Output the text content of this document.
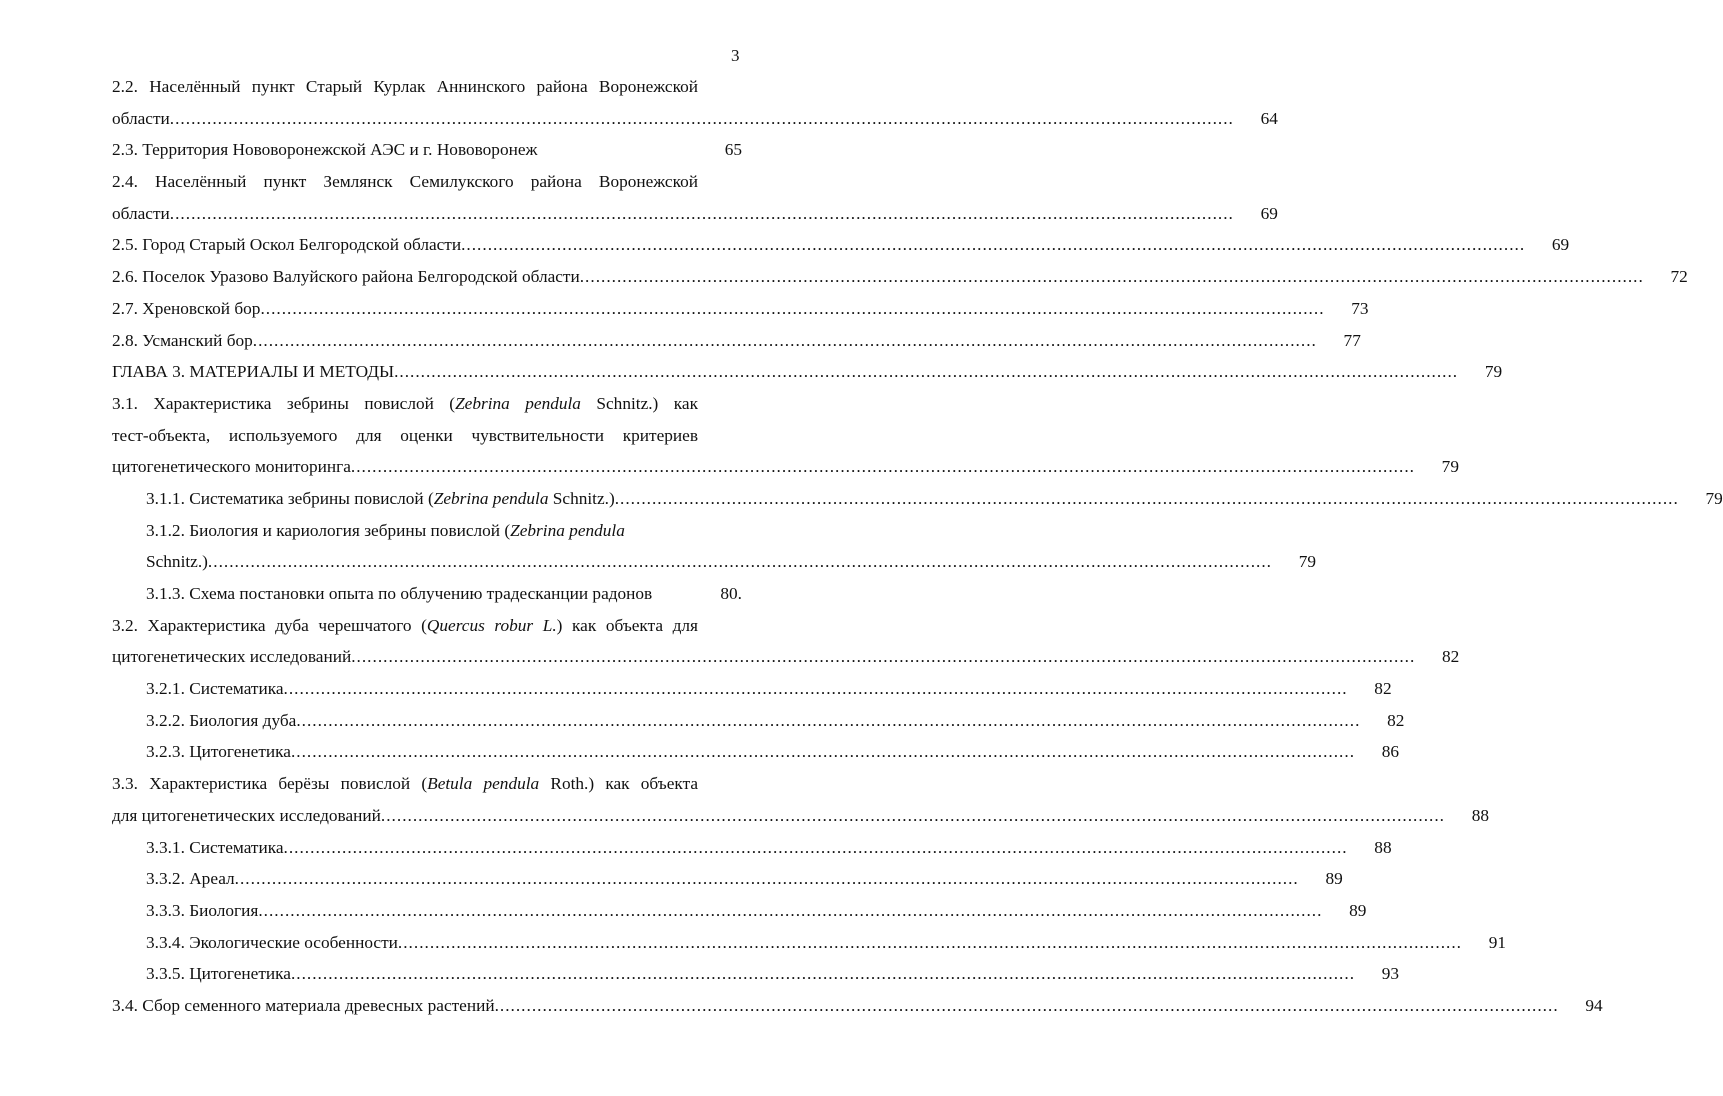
3
2.2. Населённый пункт Старый Курлак Аннинского района Воронежской
области ........................................................................................................................................................................................................	64
2.3. Территория Нововоронежской АЭС и г. Нововоронеж	65
2.4. Населённый пункт Землянск Семилукского района Воронежской
области ........................................................................................................................................................................................................	69
2.5. Город Старый Оскол Белгородской области ........................................................................................................................................................................................................	69
2.6. Поселок Уразово Валуйского района Белгородской области ........................................................................................................................................................................................................	72
2.7. Хреновской бор ........................................................................................................................................................................................................	73
2.8. Усманский бор ........................................................................................................................................................................................................	77
ГЛАВА 3. МАТЕРИАЛЫ И МЕТОДЫ ........................................................................................................................................................................................................	79
3.1. Характеристика зебрины повислой (Zebrina pendula Schnitz.) как
тест-объекта, используемого для оценки чувствительности критериев
цитогенетического мониторинга ........................................................................................................................................................................................................	79
3.1.1. Систематика зебрины повислой (Zebrina pendula Schnitz.) ........................................................................................................................................................................................................	79
3.1.2. Биология и кариология зебрины повислой (Zebrina pendula
Schnitz.) ........................................................................................................................................................................................................	79
3.1.3. Схема постановки опыта по облучению традесканции радонов	80.
3.2. Характеристика дуба черешчатого (Quercus robur L.) как объекта для
цитогенетических исследований ........................................................................................................................................................................................................	82
3.2.1. Систематика ........................................................................................................................................................................................................	82
3.2.2. Биология дуба ........................................................................................................................................................................................................	82
3.2.3. Цитогенетика ........................................................................................................................................................................................................	86
3.3. Характеристика берёзы повислой (Betula pendula Roth.) как объекта
для цитогенетических исследований ........................................................................................................................................................................................................	88
3.3.1. Систематика ........................................................................................................................................................................................................	88
3.3.2. Ареал ........................................................................................................................................................................................................	89
3.3.3. Биология ........................................................................................................................................................................................................	89
3.3.4. Экологические особенности ........................................................................................................................................................................................................	91
3.3.5. Цитогенетика ........................................................................................................................................................................................................	93
3.4. Сбор семенного материала древесных растений ........................................................................................................................................................................................................	94
